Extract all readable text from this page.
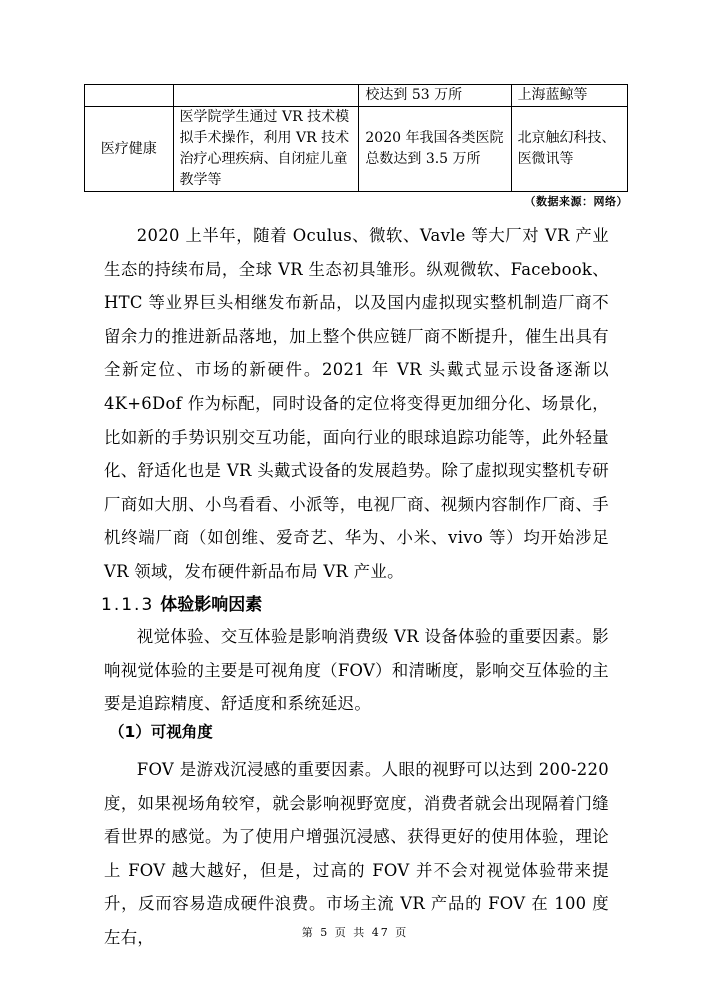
		校达到 53 万所	上海蓝鲸等
医疗健康	医学院学生通过 VR 技术模拟手术操作，利用 VR 技术治疗心理疾病、自闭症儿童教学等	2020 年我国各类医院总数达到 3.5 万所	北京触幻科技、医微讯等
（数据来源：网络）

2020 上半年，随着 Oculus、微软、Vavle 等大厂对 VR 产业生态的持续布局，全球 VR 生态初具雏形。纵观微软、Facebook、HTC 等业界巨头相继发布新品，以及国内虚拟现实整机制造厂商不留余力的推进新品落地，加上整个供应链厂商不断提升，催生出具有全新定位、市场的新硬件。2021 年 VR 头戴式显示设备逐渐以 4K+6Dof 作为标配，同时设备的定位将变得更加细分化、场景化，比如新的手势识别交互功能，面向行业的眼球追踪功能等，此外轻量化、舒适化也是 VR 头戴式设备的发展趋势。除了虚拟现实整机专研厂商如大朋、小鸟看看、小派等，电视厂商、视频内容制作厂商、手机终端厂商（如创维、爱奇艺、华为、小米、vivo 等）均开始涉足 VR 领域，发布硬件新品布局 VR 产业。

1.1.3 体验影响因素

视觉体验、交互体验是影响消费级 VR 设备体验的重要因素。影响视觉体验的主要是可视角度（FOV）和清晰度，影响交互体验的主要是追踪精度、舒适度和系统延迟。

（1）可视角度

FOV 是游戏沉浸感的重要因素。人眼的视野可以达到 200-220 度，如果视场角较窄，就会影响视野宽度，消费者就会出现隔着门缝看世界的感觉。为了使用户增强沉浸感、获得更好的使用体验，理论上 FOV 越大越好，但是，过高的 FOV 并不会对视觉体验带来提升，反而容易造成硬件浪费。市场主流 VR 产品的 FOV 在 100 度左右，	第 5 页 共 47 页
